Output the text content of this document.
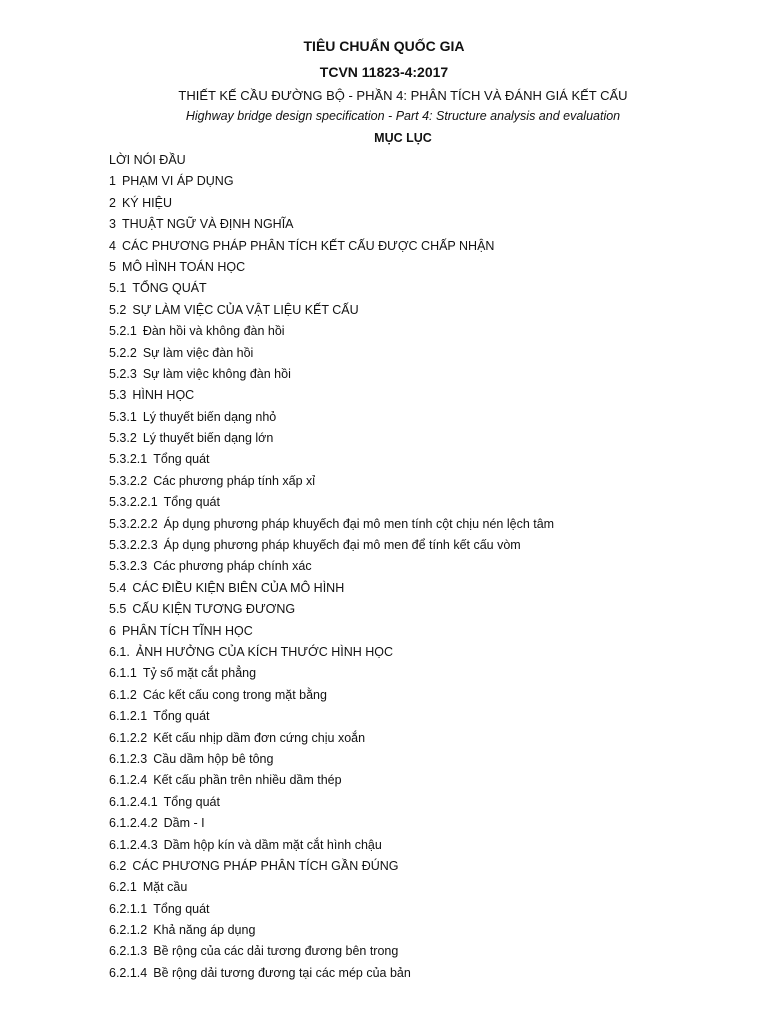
TIÊU CHUẨN QUỐC GIA
TCVN 11823-4:2017
THIẾT KẾ CẦU ĐƯỜNG BỘ - PHẦN 4: PHÂN TÍCH VÀ ĐÁNH GIÁ KẾT CẤU
Highway bridge design specification - Part 4: Structure analysis and evaluation
MỤC LỤC
LỜI NÓI ĐẦU
1 PHẠM VI ÁP DỤNG
2 KÝ HIỆU
3 THUẬT NGỮ VÀ ĐỊNH NGHĨA
4 CÁC PHƯƠNG PHÁP PHÂN TÍCH KẾT CẤU ĐƯỢC CHẤP NHẬN
5 MÔ HÌNH TOÁN HỌC
5.1 TỔNG QUÁT
5.2 SỰ LÀM VIỆC CỦA VẬT LIỆU KẾT CẤU
5.2.1 Đàn hồi và không đàn hồi
5.2.2 Sự làm việc đàn hồi
5.2.3 Sự làm việc không đàn hồi
5.3 HÌNH HỌC
5.3.1 Lý thuyết biến dạng nhỏ
5.3.2 Lý thuyết biến dạng lớn
5.3.2.1 Tổng quát
5.3.2.2 Các phương pháp tính xấp xỉ
5.3.2.2.1 Tổng quát
5.3.2.2.2 Áp dụng phương pháp khuyếch đại mô men tính cột chịu nén lệch tâm
5.3.2.2.3 Áp dụng phương pháp khuyếch đại mô men để tính kết cấu vòm
5.3.2.3 Các phương pháp chính xác
5.4 CÁC ĐIỀU KIỆN BIÊN CỦA MÔ HÌNH
5.5 CẤU KIỆN TƯƠNG ĐƯƠNG
6 PHÂN TÍCH TĨNH HỌC
6.1. ẢNH HƯỞNG CỦA KÍCH THƯỚC HÌNH HỌC
6.1.1 Tỷ số mặt cắt phẳng
6.1.2 Các kết cấu cong trong mặt bằng
6.1.2.1 Tổng quát
6.1.2.2 Kết cấu nhịp dầm đơn cứng chịu xoắn
6.1.2.3 Cầu dầm hộp bê tông
6.1.2.4 Kết cấu phần trên nhiều dầm thép
6.1.2.4.1 Tổng quát
6.1.2.4.2 Dầm - I
6.1.2.4.3 Dầm hộp kín và dầm mặt cắt hình chậu
6.2 CÁC PHƯƠNG PHÁP PHÂN TÍCH GẦN ĐÚNG
6.2.1 Mặt cầu
6.2.1.1 Tổng quát
6.2.1.2 Khả năng áp dụng
6.2.1.3 Bề rộng của các dải tương đương bên trong
6.2.1.4 Bề rộng dải tương đương tại các mép của bản
